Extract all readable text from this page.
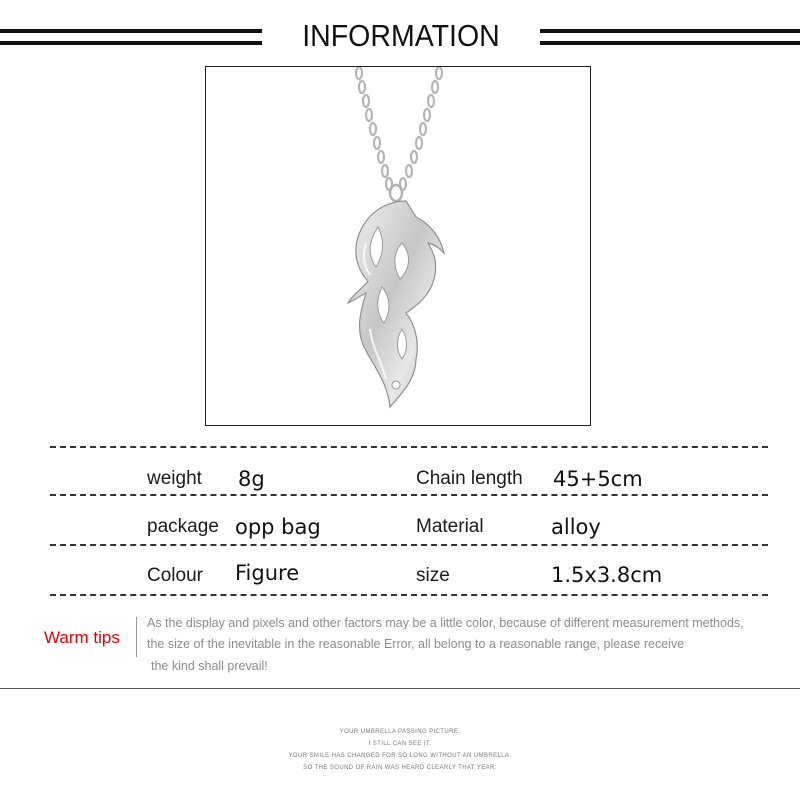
INFORMATION
weight 8g	Chain length 45+5cm
package opp bag	Material	alloy
Colour Figure	size	1.5x3.8cm
Warm tips
As the display and pixels and other factors may be a little color, because of different measurement methods,
the size of the inevitable in the reasonable Error, all belong to a reasonable range, please receive
the kind shall prevail!
YOUR UMBRELLA PASSING PICTURE,
I STILL CAN SEE IT.
YOUR SMILE HAS CHANGED FOR SO LONG WITHOUT AN UMBRELLA,
SO THE SOUND OF RAIN WAS HEARD CLEARLY THAT YEAR.
